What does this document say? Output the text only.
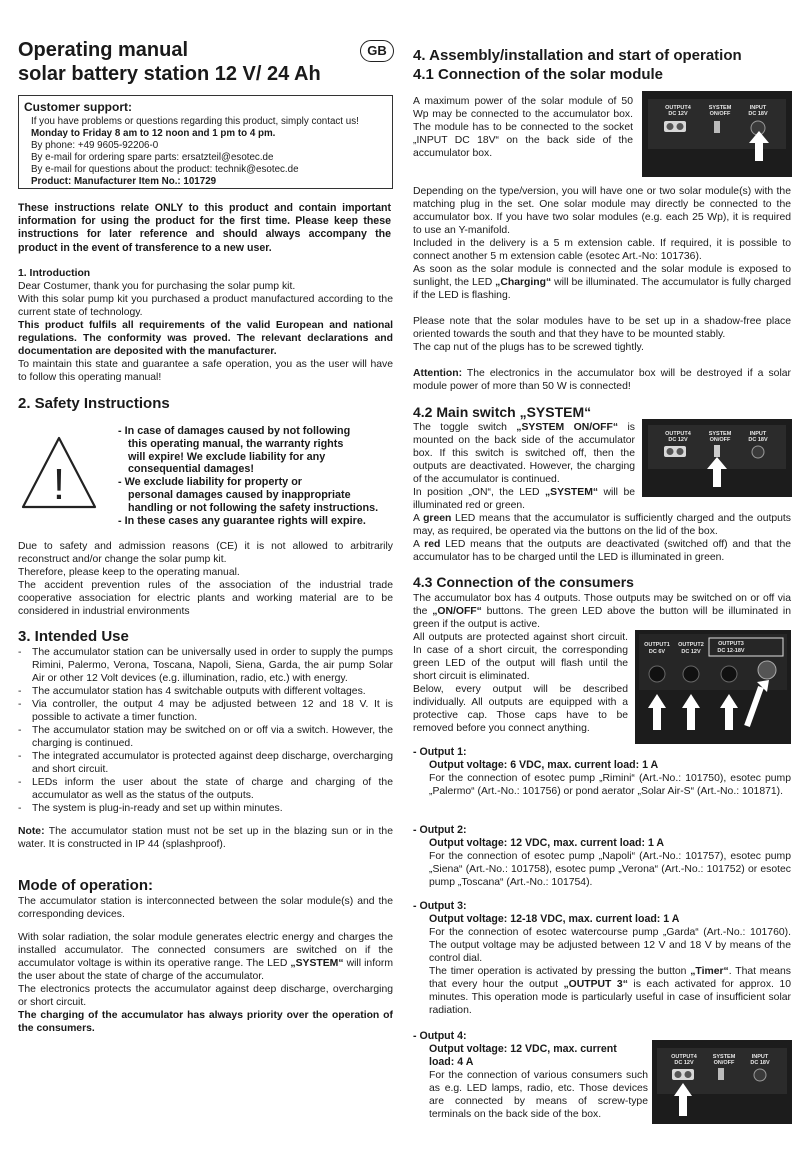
Operating manual
solar battery station 12 V/ 24 Ah
GB
Customer support:
If you have problems or questions regarding this product, simply contact us!
Monday to Friday 8 am to 12 noon and 1 pm to 4 pm.
By phone: +49 9605-92206-0
By e-mail for ordering spare parts: ersatzteil@esotec.de
By e-mail for questions about the product: technik@esotec.de
Product: Manufacturer Item No.: 101729

These instructions relate ONLY to this product and contain important information for using the product for the first time. Please keep these instructions for later reference and should always accompany the product in the event of transference to a new user.

1. Introduction

Dear Costumer, thank you for purchasing the solar pump kit.

With this solar pump kit you purchased a product manufactured according to the current state of technology.

This product fulfils all requirements of the valid European and national regulations. The conformity was proved. The relevant declarations and documentation are deposited with the manufacturer.

To maintain this state and guarantee a safe operation, you as the user will have to follow this operating manual!

2. Safety Instructions
!

- In case of damages caused by not following

this operating manual, the warranty rights

will expire! We exclude liability for any

consequential damages!

- We exclude liability for property or

personal damages caused by inappropriate

handling or not following the safety instructions.

- In these cases any guarantee rights will expire.

Due to safety and admission reasons (CE) it is not allowed to arbitrarily reconstruct and/or change the solar pump kit.

Therefore, please keep to the operating manual.

The accident prevention rules of the association of the industrial trade cooperative association for electric plants and working material are to be considered in industrial environments

3. Intended Use
- The accumulator station can be universally used in order to supply the pumps Rimini, Palermo, Verona, Toscana, Napoli, Siena, Garda, the air pump Solar Air or other 12 Volt devices (e.g. illumination, radio, etc.) with energy.
- The accumulator station has 4 switchable outputs with different voltages.
- Via controller, the output 4 may be adjusted between 12 and 18 V. It is possible to activate a timer function.
- The accumulator station may be switched on or off via a switch. However, the charging is continued.
- The integrated accumulator is protected against deep discharge, overcharging and short circuit.
- LEDs inform the user about the state of charge and charging of the accumulator as well as the status of the outputs.
- The system is plug-in-ready and set up within minutes.

Note: The accumulator station must not be set up in the blazing sun or in the water. It is constructed in IP 44 (splashproof).

Mode of operation:

The accumulator station is interconnected between the solar module(s) and the corresponding devices.

With solar radiation, the solar module generates electric energy and charges the installed accumulator. The connected consumers are switched on if the accumulator voltage is within its operative range. The LED „SYSTEM“ will inform the user about the state of charge of the accumulator.

The electronics protects the accumulator against deep discharge, overcharging or short circuit.

The charging of the accumulator has always priority over the operation of the consumers.

4. Assembly/installation and start of operation
4.1 Connection of the solar module

A maximum power of the solar module of 50 Wp may be connected to the accumulator box. The module has to be connected to the socket „INPUT DC 18V“ on the back side of the accumulator box.

OUTPUT4
DC 12V
SYSTEM
ON/OFF
INPUT
DC 18V

Depending on the type/version, you will have one or two solar module(s) with the matching plug in the set. One solar module may directly be connected to the accumulator box. If you have two solar modules (e.g. each 25 Wp), it is required to use an Y-manifold.

Included in the delivery is a 5 m extension cable. If required, it is possible to connect another 5 m extension cable (esotec Art.-No: 101736).

As soon as the solar module is connected and the solar module is exposed to sunlight, the LED „Charging“ will be illuminated. The accumulator is fully charged if the LED is flashing.

Please note that the solar modules have to be set up in a shadow-free place oriented towards the south and that they have to be mounted stably.

The cap nut of the plugs has to be screwed tightly.

Attention: The electronics in the accumulator box will be destroyed if a solar module power of more than 50 W is connected!

4.2 Main switch „SYSTEM“

The toggle switch „SYSTEM ON/OFF“ is mounted on the back side of the accumulator box. If this switch is switched off, then the outputs are deactivated. However, the charging of the accumulator is continued.

In position „ON“, the LED „SYSTEM“ will be illuminated red or green.

OUTPUT4
DC 12V
SYSTEM
ON/OFF
INPUT
DC 18V

A green LED means that the accumulator is sufficiently charged and the outputs may, as required, be operated via the buttons on the lid of the box.

A red LED means that the outputs are deactivated (switched off) and that the accumulator has to be charged until the LED is illuminated in green.

4.3 Connection of the consumers

The accumulator box has 4 outputs. Those outputs may be switched on or off via the „ON/OFF“ buttons. The green LED above the button will be illuminated in green if the output is active.

All outputs are protected against short circuit. In case of a short circuit, the corresponding green LED of the output will flash until the short circuit is eliminated.

Below, every output will be described individually. All outputs are equipped with a protective cap. Those caps have to be removed before you connect anything.

OUTPUT1
DC 6V
OUTPUT2
DC 12V
OUTPUT3
DC 12-18V

- Output 1:

Output voltage: 6 VDC, max. current load: 1 A

For the connection of esotec pump „Rimini“ (Art.-No.: 101750), esotec pump „Palermo“ (Art.-No.: 101756) or pond aerator „Solar Air-S“ (Art.-No.: 101871).

- Output 2:

Output voltage: 12 VDC, max. current load: 1 A

For the connection of esotec pump „Napoli“ (Art.-No.: 101757), esotec pump „Siena“ (Art.-No.: 101758), esotec pump „Verona“ (Art.-No.: 101752) or esotec pump „Toscana“ (Art.-No.: 101754).

- Output 3:

Output voltage: 12-18 VDC, max. current load: 1 A

For the connection of esotec watercourse pump „Garda“ (Art.-No.: 101760). The output voltage may be adjusted between 12 V and 18 V by means of the control dial.

The timer operation is activated by pressing the button „Timer“. That means that every hour the output „OUTPUT 3“ is each activated for approx. 10 minutes. This operation mode is particularly useful in case of insufficient solar radiation.

- Output 4:

Output voltage: 12 VDC, max. current

load: 4 A

For the connection of various consumers such as e.g. LED lamps, radio, etc. Those devices are connected by means of screw-type terminals on the back side of the box.

OUTPUT4
DC 12V
SYSTEM
ON/OFF
INPUT
DC 18V
